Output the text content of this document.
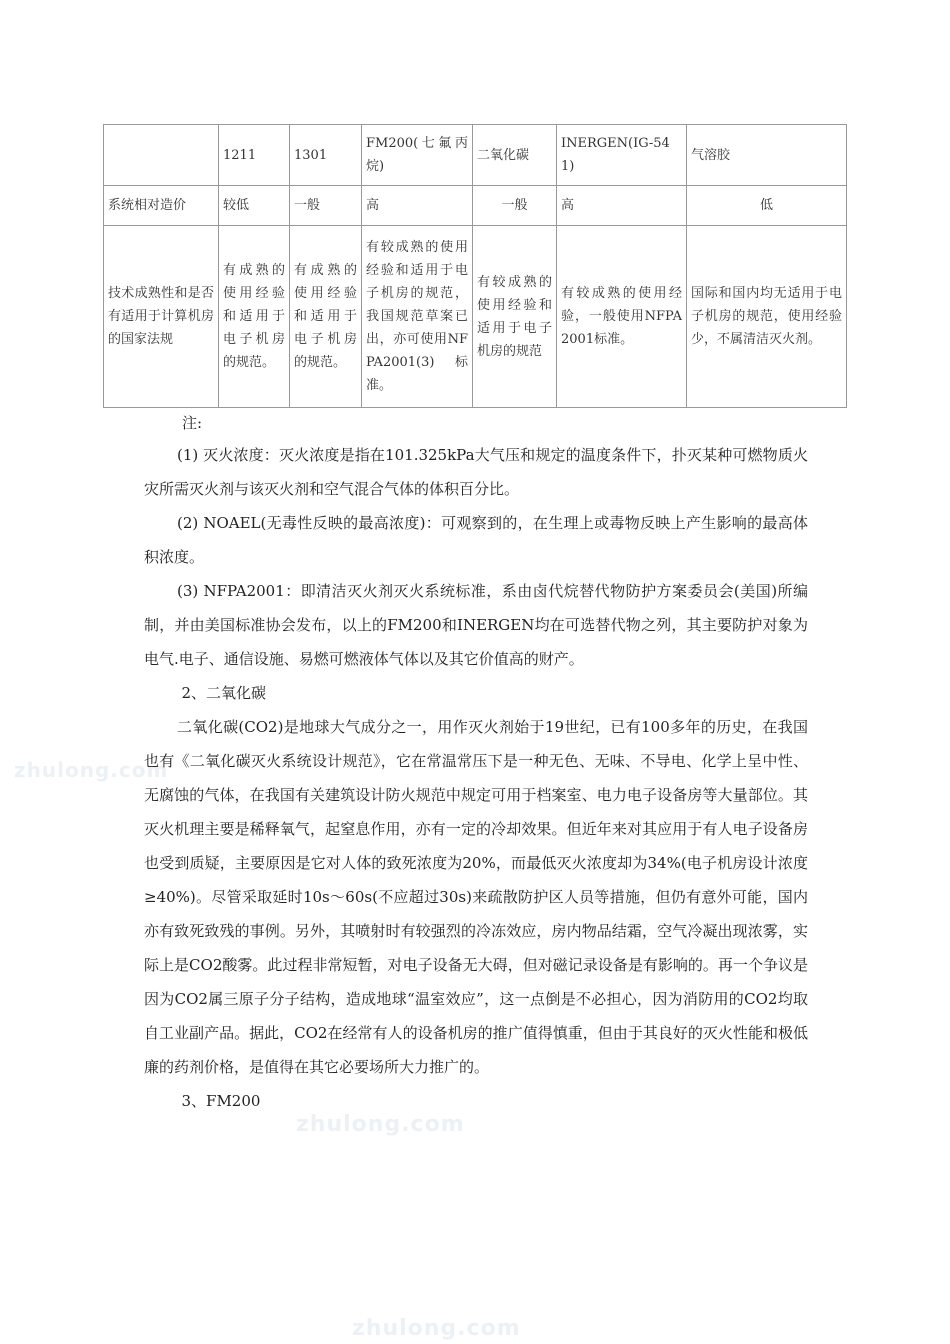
zhulong.com
zhulong.com
zhulong.com
	1211	1301	FM200(七氟丙烷)	二氧化碳	INERGEN(IG-541)	气溶胶
系统相对造价	较低	一般	高	一般	高	低
技术成熟性和是否有适用于计算机房的国家法规	有成熟的使用经验和适用于电子机房的规范。	有成熟的使用经验和适用于电子机房的规范。	有较成熟的使用经验和适用于电子机房的规范，我国规范草案已出，亦可使用NFPA2001(3)标准。	有较成熟的使用经验和适用于电子机房的规范	有较成熟的使用经验，一般使用NFPA2001标准。	国际和国内均无适用于电子机房的规范，使用经验少，不属清洁灭火剂。

注:

(1) 灭火浓度：灭火浓度是指在101.325kPa大气压和规定的温度条件下，扑灭某种可燃物质火灾所需灭火剂与该灭火剂和空气混合气体的体积百分比。

(2) NOAEL(无毒性反映的最高浓度)：可观察到的，在生理上或毒物反映上产生影响的最高体积浓度。

(3) NFPA2001：即清洁灭火剂灭火系统标准，系由卤代烷替代物防护方案委员会(美国)所编制，并由美国标准协会发布，以上的FM200和INERGEN均在可选替代物之列，其主要防护对象为电气.电子、通信设施、易燃可燃液体气体以及其它价值高的财产。

2、二氧化碳

二氧化碳(CO2)是地球大气成分之一，用作灭火剂始于19世纪，已有100多年的历史，在我国也有《二氧化碳灭火系统设计规范》，它在常温常压下是一种无色、无味、不导电、化学上呈中性、无腐蚀的气体，在我国有关建筑设计防火规范中规定可用于档案室、电力电子设备房等大量部位。其灭火机理主要是稀释氧气，起窒息作用，亦有一定的冷却效果。但近年来对其应用于有人电子设备房也受到质疑，主要原因是它对人体的致死浓度为20%，而最低灭火浓度却为34%(电子机房设计浓度≥40%)。尽管采取延时10s～60s(不应超过30s)来疏散防护区人员等措施，但仍有意外可能，国内亦有致死致残的事例。另外，其喷射时有较强烈的冷冻效应，房内物品结霜，空气冷凝出现浓雾，实际上是CO2酸雾。此过程非常短暂，对电子设备无大碍，但对磁记录设备是有影响的。再一个争议是因为CO2属三原子分子结构，造成地球“温室效应”，这一点倒是不必担心，因为消防用的CO2均取自工业副产品。据此，CO2在经常有人的设备机房的推广值得慎重，但由于其良好的灭火性能和极低廉的药剂价格，是值得在其它必要场所大力推广的。

3、FM200
